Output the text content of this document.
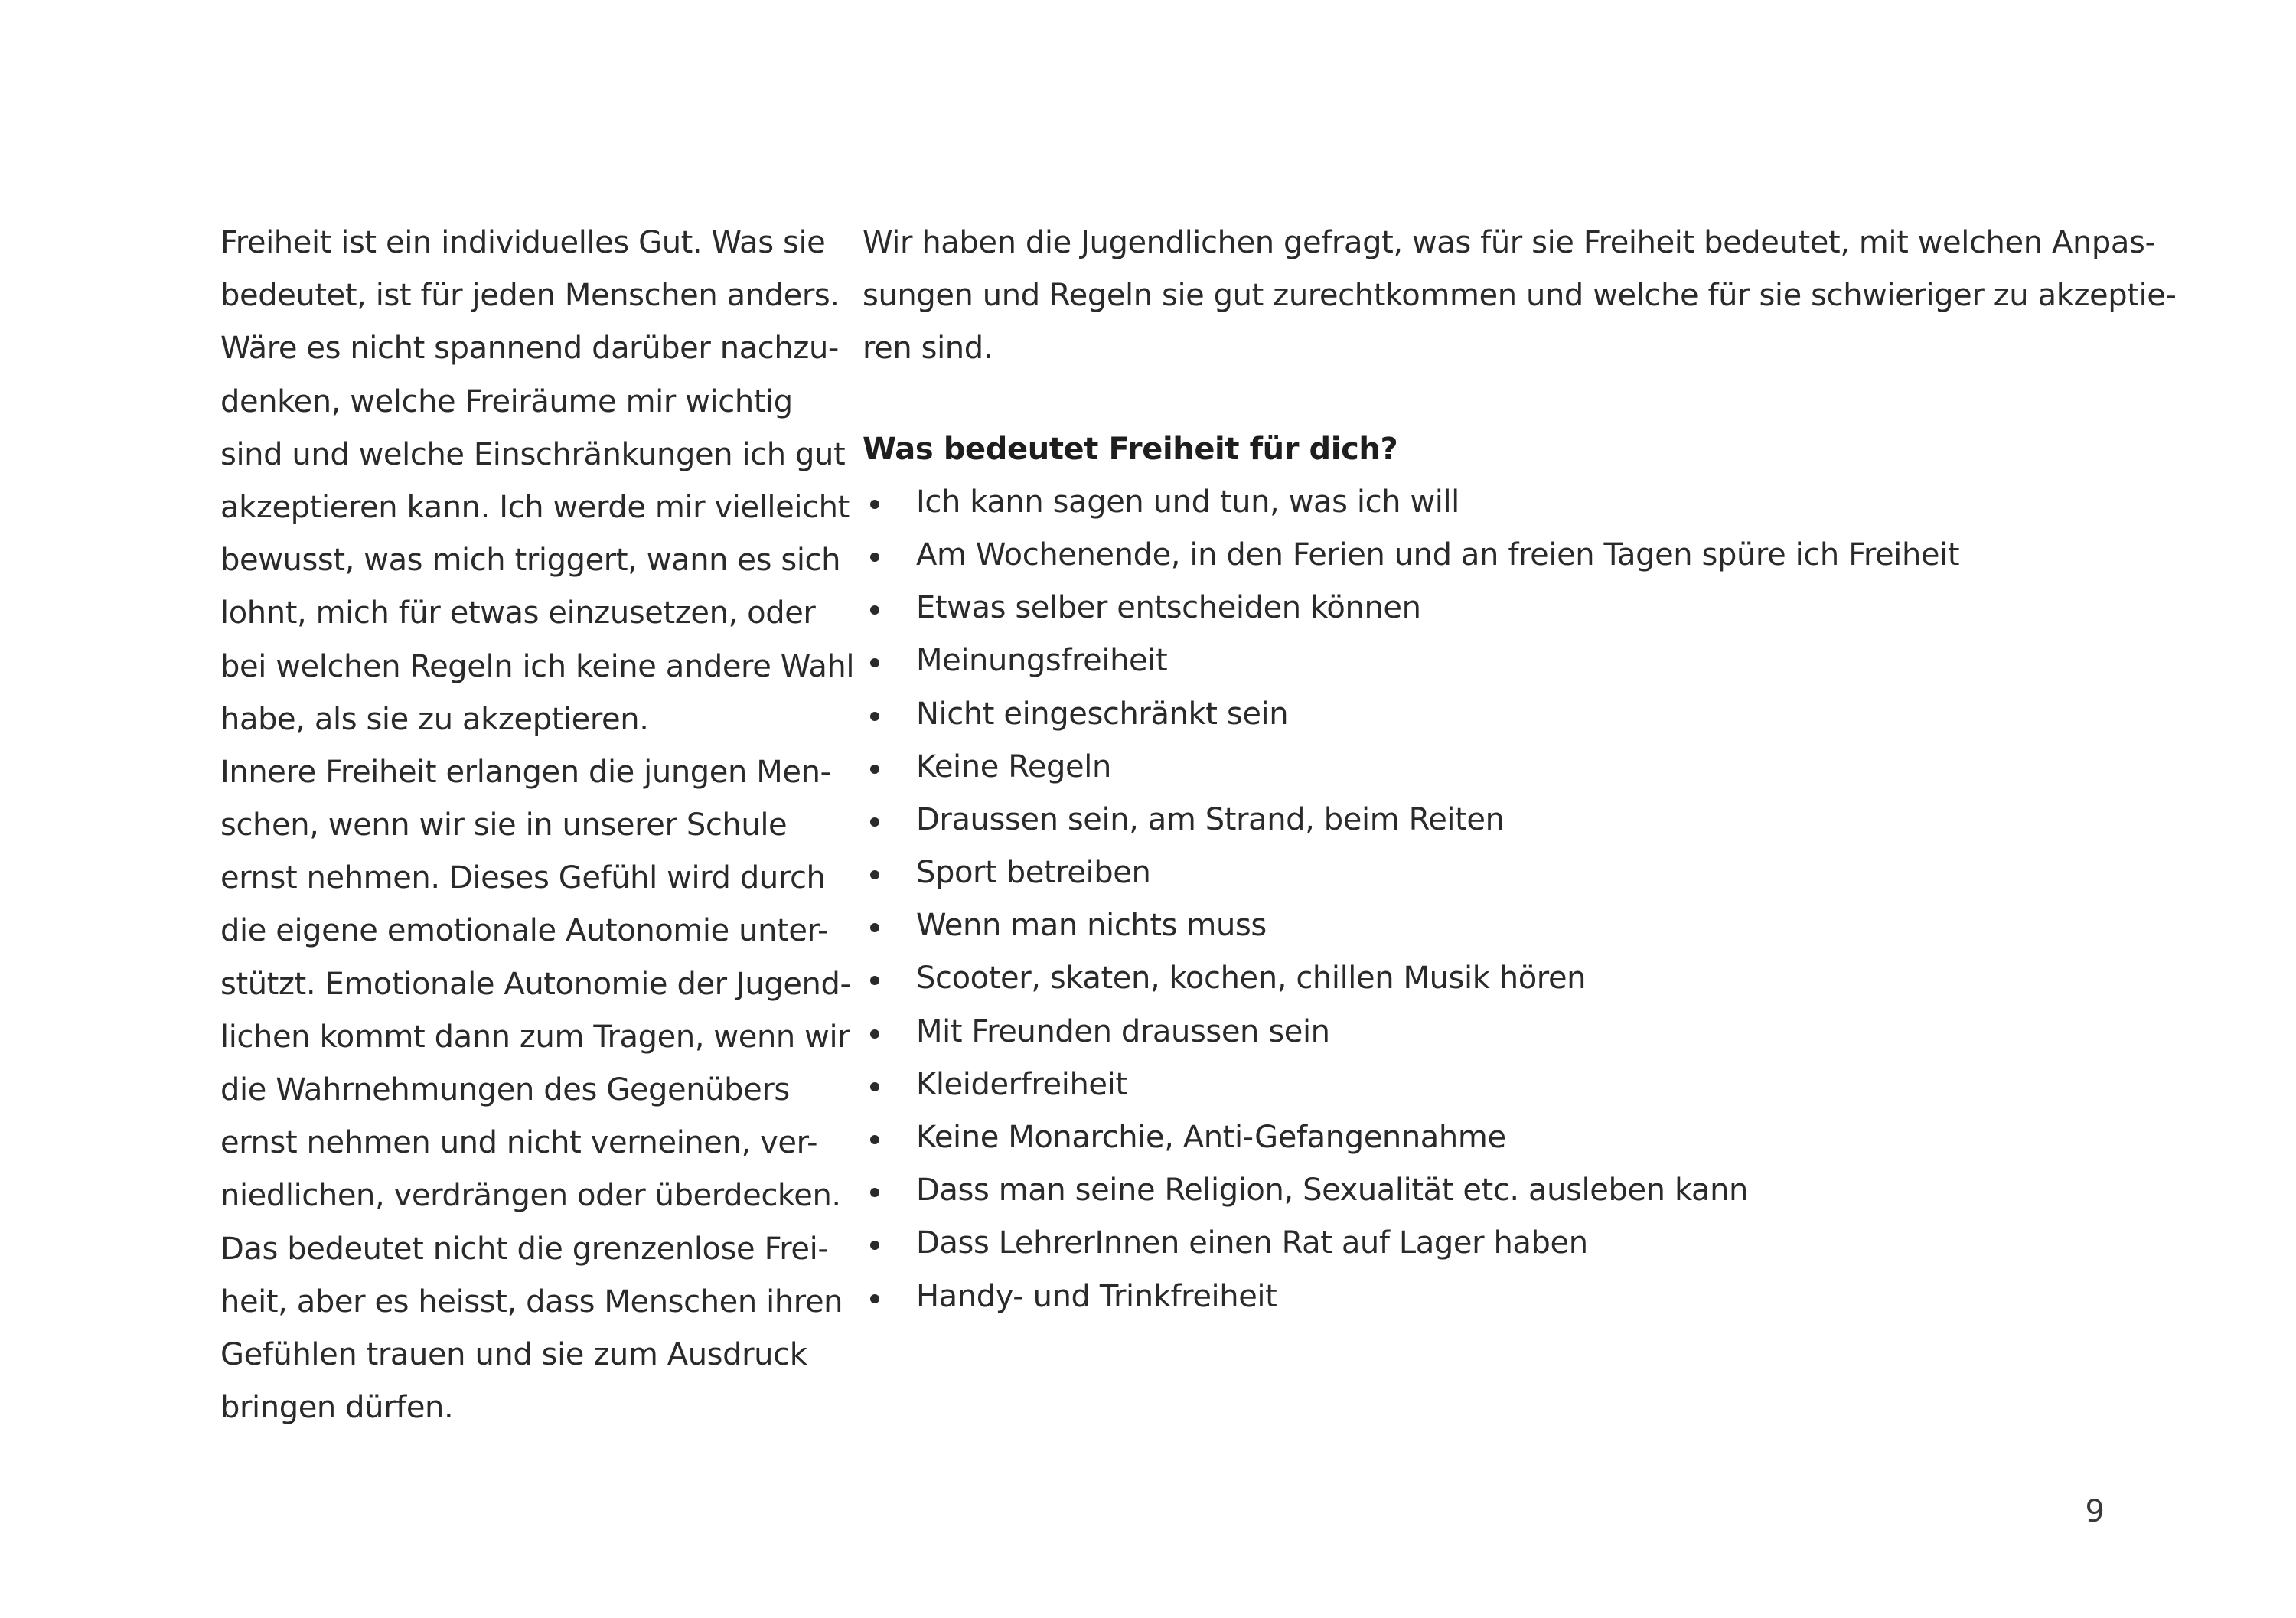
Freiheit ist ein individuelles Gut. Was sie
bedeutet, ist für jeden Menschen anders.
Wäre es nicht spannend darüber nachzu-
denken, welche Freiräume mir wichtig
sind und welche Einschränkungen ich gut
akzeptieren kann. Ich werde mir vielleicht
bewusst, was mich triggert, wann es sich
lohnt, mich für etwas einzusetzen, oder
bei welchen Regeln ich keine andere Wahl
habe, als sie zu akzeptieren.
Innere Freiheit erlangen die jungen Men-
schen, wenn wir sie in unserer Schule
ernst nehmen. Dieses Gefühl wird durch
die eigene emotionale Autonomie unter-
stützt. Emotionale Autonomie der Jugend-
lichen kommt dann zum Tragen, wenn wir
die Wahrnehmungen des Gegenübers
ernst nehmen und nicht verneinen, ver-
niedlichen, verdrängen oder überdecken.
Das bedeutet nicht die grenzenlose Frei-
heit, aber es heisst, dass Menschen ihren
Gefühlen trauen und sie zum Ausdruck
bringen dürfen.
Wir haben die Jugendlichen gefragt, was für sie Freiheit bedeutet, mit welchen Anpas-
sungen und Regeln sie gut zurechtkommen und welche für sie schwieriger zu akzeptie-
ren sind.
Was bedeutet Freiheit für dich?
Ich kann sagen und tun, was ich will
Am Wochenende, in den Ferien und an freien Tagen spüre ich Freiheit
Etwas selber entscheiden können
Meinungsfreiheit
Nicht eingeschränkt sein
Keine Regeln
Draussen sein, am Strand, beim Reiten
Sport betreiben
Wenn man nichts muss
Scooter, skaten, kochen, chillen Musik hören
Mit Freunden draussen sein
Kleiderfreiheit
Keine Monarchie, Anti-Gefangennahme
Dass man seine Religion, Sexualität etc. ausleben kann
Dass LehrerInnen einen Rat auf Lager haben
Handy- und Trinkfreiheit
9
